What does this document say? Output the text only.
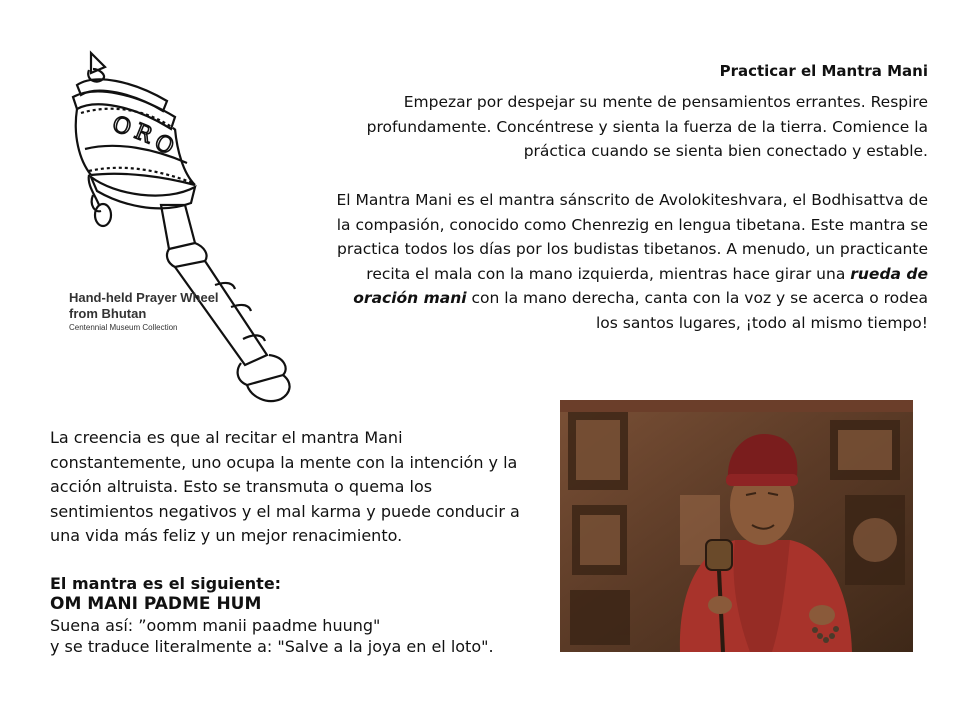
O
R
O
Hand-held Prayer Wheel
from Bhutan
Centennial Museum Collection
Practicar el Mantra Mani
Empezar por despejar su mente de pensamientos errantes. Respire profundamente. Concéntrese y sienta la fuerza de la tierra. Comience la práctica cuando se sienta bien conectado y estable.
El Mantra Mani es el mantra sánscrito de Avolokiteshvara, el Bodhisattva de la compasión, conocido como Chenrezig en lengua tibetana. Este mantra se practica todos los días por los budistas tibetanos. A menudo, un practicante recita el mala con la mano izquierda, mientras hace girar una rueda de oración mani con la mano derecha, canta con la voz y se acerca o rodea los santos lugares, ¡todo al mismo tiempo!
La creencia es que al recitar el mantra Mani constantemente, uno ocupa la mente con la intención y la acción altruista. Esto se transmuta o quema los sentimientos negativos y el mal karma y puede conducir a una vida más feliz y un mejor renacimiento.
El mantra es el siguiente:
OM MANI PADME HUM
Suena así: ”oomm manii paadme huung"
y se traduce literalmente a: "Salve a la joya en el loto".
